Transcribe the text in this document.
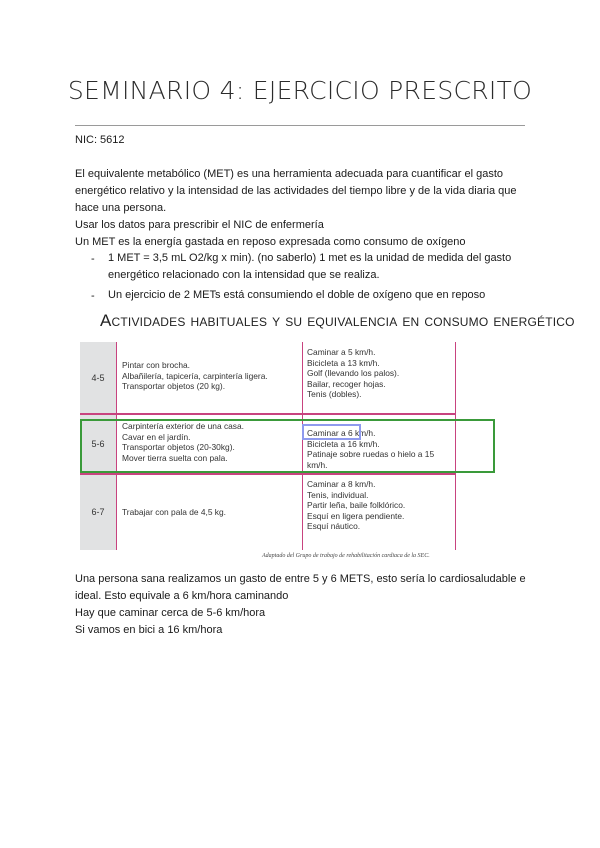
SEMINARIO 4: EJERCICIO PRESCRITO
NIC: 5612
El equivalente metabólico (MET) es una herramienta adecuada para cuantificar el gasto
energético relativo y la intensidad de las actividades del tiempo libre y de la vida diaria que
hace una persona.
Usar los datos para prescribir el NIC de enfermería
Un MET es la energía gastada en reposo expresada como consumo de oxígeno
- 1 MET = 3,5 mL O2/kg x min). (no saberlo) 1 met es la unidad de medida del gasto
energético relacionado con la intensidad que se realiza.
- Un ejercicio de 2 METs está consumiendo el doble de oxígeno que en reposo
Actividades habituales y su equivalencia en consumo energético
4-5
Pintar con brocha.
Albañilería, tapicería, carpintería ligera.
Transportar objetos (20 kg).
Caminar a 5 km/h.
Bicicleta a 13 km/h.
Golf (llevando los palos).
Bailar, recoger hojas.
Tenis (dobles).
5-6
Carpintería exterior de una casa.
Cavar en el jardín.
Transportar objetos (20-30kg).
Mover tierra suelta con pala.
Caminar a 6 km/h.
Bicicleta a 16 km/h.
Patinaje sobre ruedas o hielo a 15 km/h.
6-7	Trabajar con pala de 4,5 kg.
Caminar a 8 km/h.
Tenis, individual.
Partir leña, baile folklórico.
Esquí en ligera pendiente.
Esquí náutico.
Adaptado del Grupo de trabajo de rehabilitación cardiaca de la SEC.
Una persona sana realizamos un gasto de entre 5 y 6 METS, esto sería lo cardiosaludable e
ideal. Esto equivale a 6 km/hora caminando
Hay que caminar cerca de 5-6 km/hora
Si vamos en bici a 16 km/hora
